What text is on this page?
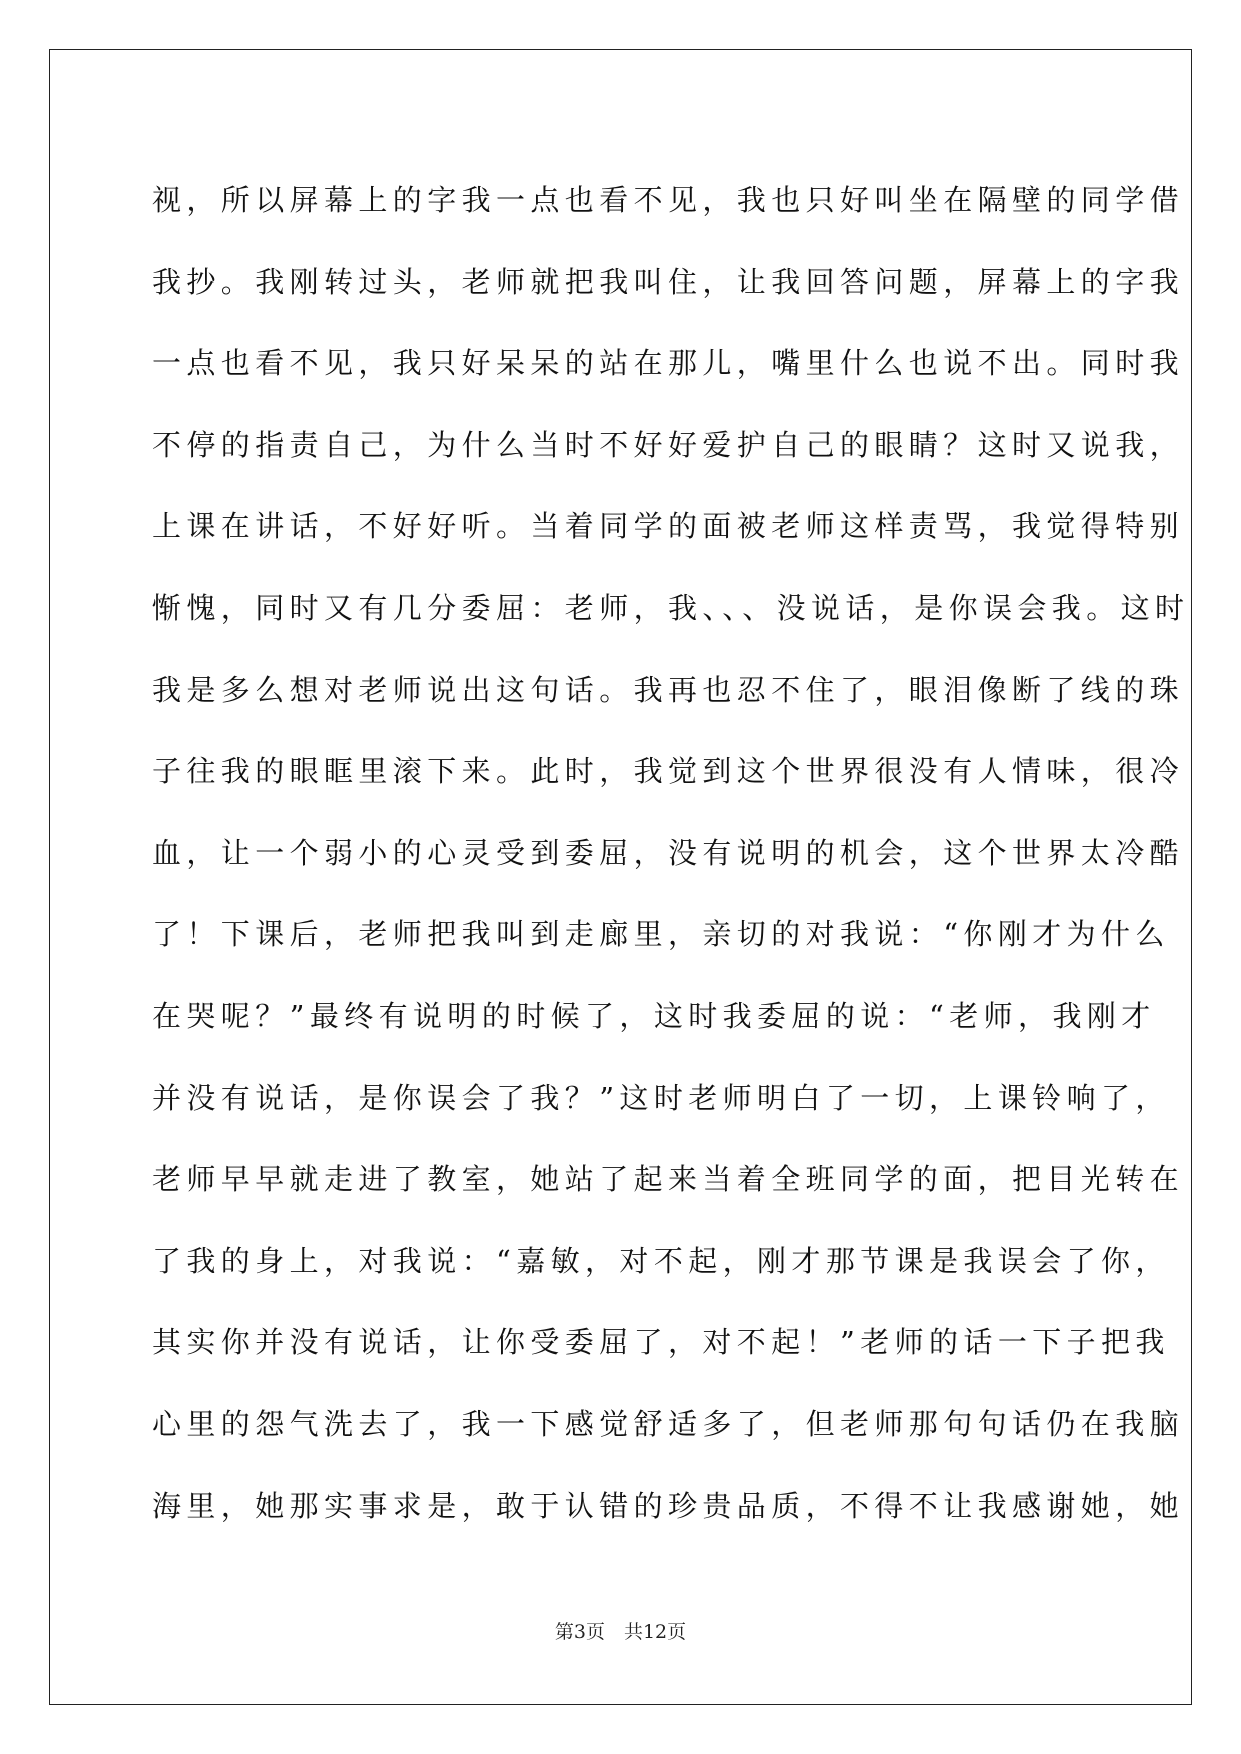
视，所以屏幕上的字我一点也看不见，我也只好叫坐在隔壁的同学借
我抄。我刚转过头，老师就把我叫住，让我回答问题，屏幕上的字我
一点也看不见，我只好呆呆的站在那儿，嘴里什么也说不出。同时我
不停的指责自己，为什么当时不好好爱护自己的眼睛？这时又说我，
上课在讲话，不好好听。当着同学的面被老师这样责骂，我觉得特别
惭愧，同时又有几分委屈：老师，我、、、没说话，是你误会我。这时
我是多么想对老师说出这句话。我再也忍不住了，眼泪像断了线的珠
子往我的眼眶里滚下来。此时，我觉到这个世界很没有人情味，很冷
血，让一个弱小的心灵受到委屈，没有说明的机会，这个世界太冷酷
了！下课后，老师把我叫到走廊里，亲切的对我说：“你刚才为什么
在哭呢？”最终有说明的时候了，这时我委屈的说：“老师，我刚才
并没有说话，是你误会了我？”这时老师明白了一切，上课铃响了，
老师早早就走进了教室，她站了起来当着全班同学的面，把目光转在
了我的身上，对我说：“嘉敏，对不起，刚才那节课是我误会了你，
其实你并没有说话，让你受委屈了，对不起！”老师的话一下子把我
心里的怨气洗去了，我一下感觉舒适多了，但老师那句句话仍在我脑
海里，她那实事求是，敢于认错的珍贵品质，不得不让我感谢她，她
第3页　共12页
